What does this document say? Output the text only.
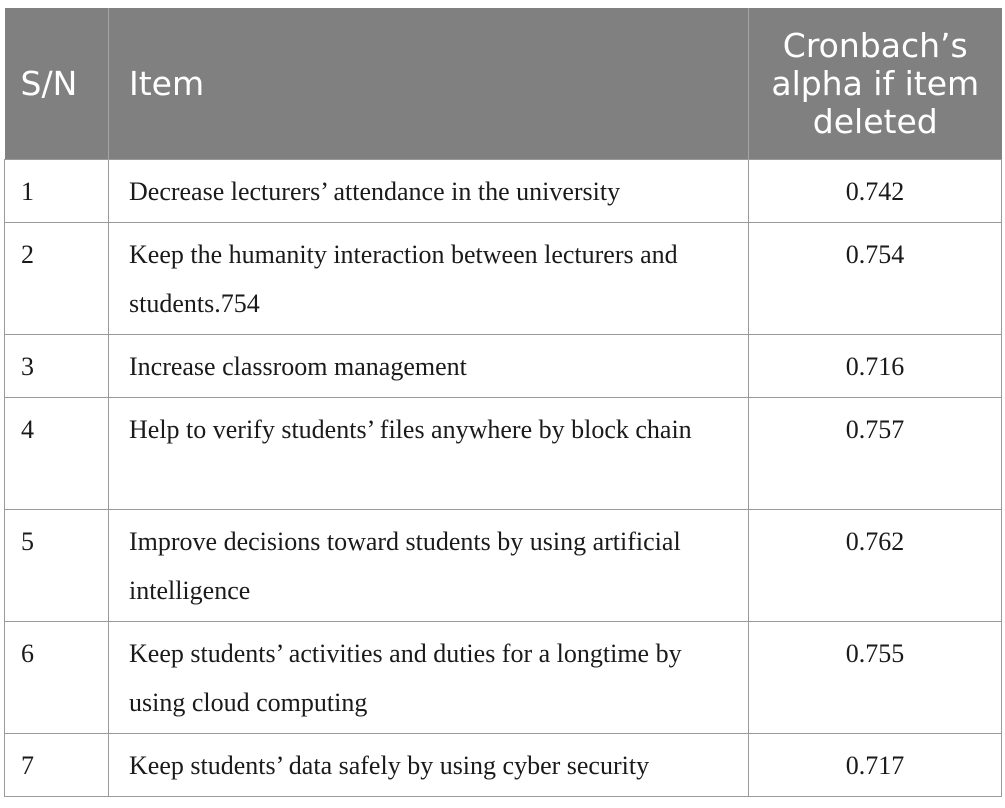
S/N	Item	Cronbach’s alpha if item deleted
1	Decrease lecturers’ attendance in the university	0.742
2	Keep the humanity interaction between lecturers and students.754	0.754
3	Increase classroom management	0.716
4	Help to verify students’ files anywhere by block chain	0.757
5	Improve decisions toward students by using artificial intelligence	0.762
6	Keep students’ activities and duties for a longtime by using cloud computing	0.755
7	Keep students’ data safely by using cyber security	0.717
